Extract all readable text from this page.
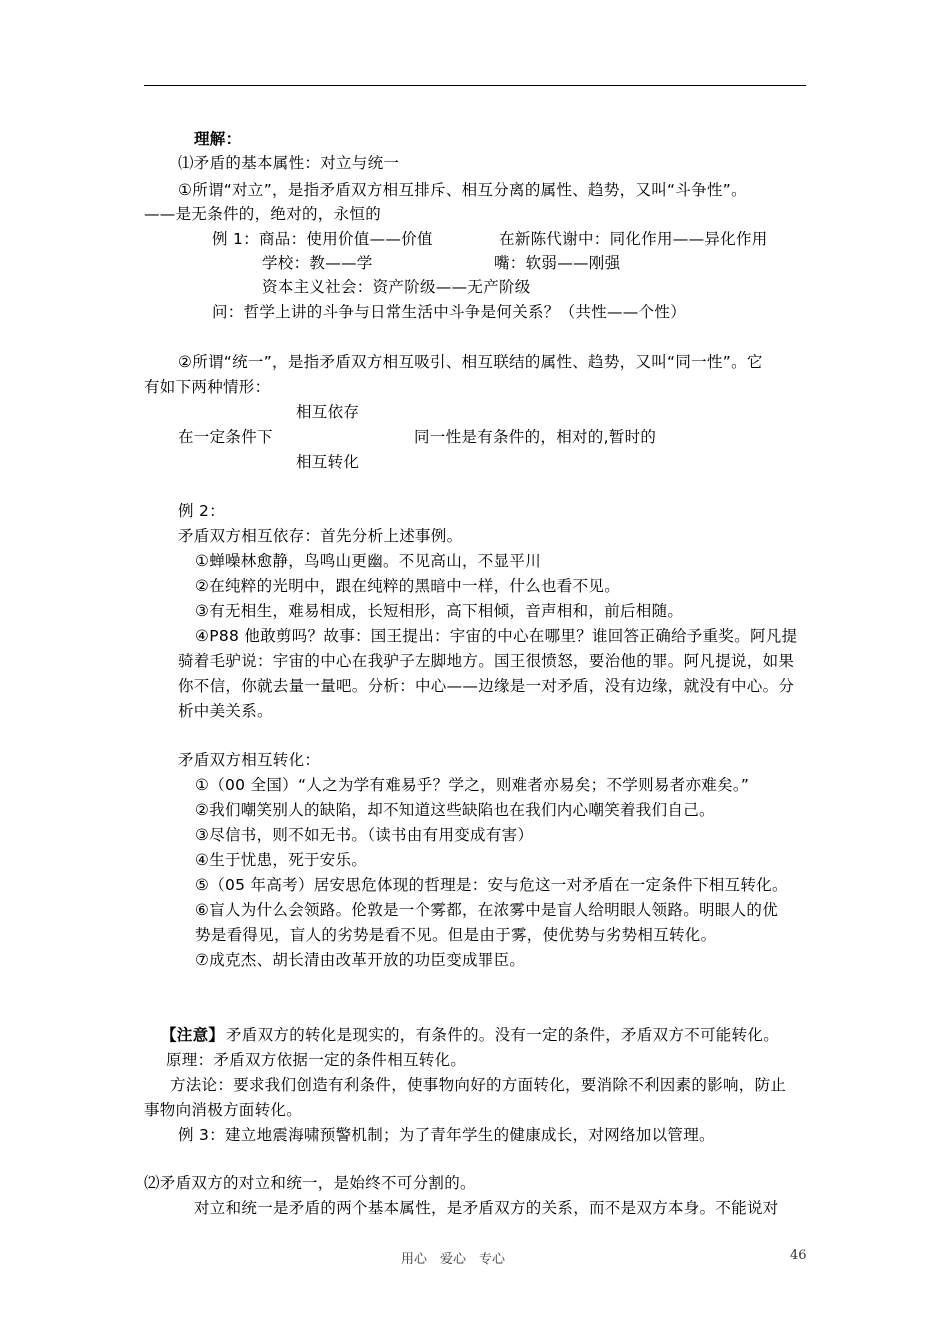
理解：
⑴矛盾的基本属性：对立与统一
①所谓“对立”，是指矛盾双方相互排斥、相互分离的属性、趋势，又叫“斗争性”。
——是无条件的，绝对的，永恒的
例 1：商品：使用价值——价值	在新陈代谢中：同化作用——异化作用
学校：教——学	嘴：软弱——刚强
资本主义社会：资产阶级——无产阶级
问：哲学上讲的斗争与日常生活中斗争是何关系？（共性——个性）
②所谓“统一”，是指矛盾双方相互吸引、相互联结的属性、趋势，又叫“同一性”。它
有如下两种情形：
相互依存
在一定条件下	同一性是有条件的，相对的,暂时的
相互转化
例 2：
矛盾双方相互依存：首先分析上述事例。
①蝉噪林愈静，鸟鸣山更幽。不见高山，不显平川
②在纯粹的光明中，跟在纯粹的黑暗中一样，什么也看不见。
③有无相生，难易相成，长短相形，高下相倾，音声相和，前后相随。
④P88 他敢剪吗？故事：国王提出：宇宙的中心在哪里？谁回答正确给予重奖。阿凡提
骑着毛驴说：宇宙的中心在我驴子左脚地方。国王很愤怒，要治他的罪。阿凡提说，如果
你不信，你就去量一量吧。分析：中心——边缘是一对矛盾，没有边缘，就没有中心。分
析中美关系。
矛盾双方相互转化：
①（00 全国）“人之为学有难易乎？学之，则难者亦易矣；不学则易者亦难矣。”
②我们嘲笑别人的缺陷，却不知道这些缺陷也在我们内心嘲笑着我们自己。
③尽信书，则不如无书。（读书由有用变成有害）
④生于忧患，死于安乐。
⑤（05 年高考）居安思危体现的哲理是：安与危这一对矛盾在一定条件下相互转化。
⑥盲人为什么会领路。伦敦是一个雾都，在浓雾中是盲人给明眼人领路。明眼人的优
势是看得见，盲人的劣势是看不见。但是由于雾，使优势与劣势相互转化。
⑦成克杰、胡长清由改革开放的功臣变成罪臣。
【注意】 矛盾双方的转化是现实的，有条件的。没有一定的条件，矛盾双方不可能转化。
原理：矛盾双方依据一定的条件相互转化。
方法论：要求我们创造有利条件，使事物向好的方面转化，要消除不利因素的影响，防止
事物向消极方面转化。
例 3：建立地震海啸预警机制；为了青年学生的健康成长，对网络加以管理。
⑵矛盾双方的对立和统一，是始终不可分割的。
对立和统一是矛盾的两个基本属性，是矛盾双方的关系，而不是双方本身。不能说对
用心　爱心　专心	46
